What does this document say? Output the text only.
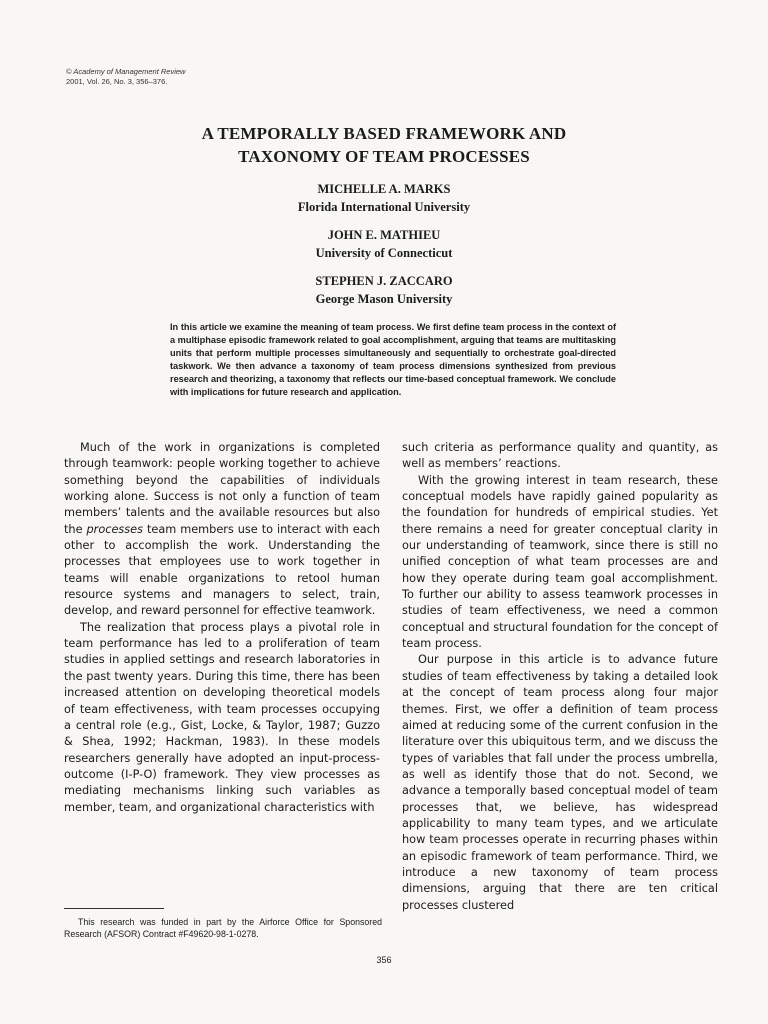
© Academy of Management Review
2001, Vol. 26, No. 3, 356–376.
A TEMPORALLY BASED FRAMEWORK AND
TAXONOMY OF TEAM PROCESSES
MICHELLE A. MARKS
Florida International University
JOHN E. MATHIEU
University of Connecticut
STEPHEN J. ZACCARO
George Mason University
In this article we examine the meaning of team process. We first define team process in the context of a multiphase episodic framework related to goal accomplishment, arguing that teams are multitasking units that perform multiple processes simultaneously and sequentially to orchestrate goal-directed taskwork. We then advance a taxonomy of team process dimensions synthesized from previous research and theorizing, a taxonomy that reflects our time-based conceptual framework. We conclude with implications for future research and application.

Much of the work in organizations is completed through teamwork: people working together to achieve something beyond the capabilities of individuals working alone. Success is not only a function of team members’ talents and the available resources but also the processes team members use to interact with each other to accomplish the work. Understanding the processes that employees use to work together in teams will enable organizations to retool human resource systems and managers to select, train, develop, and reward personnel for effective teamwork.

The realization that process plays a pivotal role in team performance has led to a proliferation of team studies in applied settings and research laboratories in the past twenty years. During this time, there has been increased attention on developing theoretical models of team effectiveness, with team processes occupying a central role (e.g., Gist, Locke, & Taylor, 1987; Guzzo & Shea, 1992; Hackman, 1983). In these models researchers generally have adopted an input-process-outcome (I-P-O) framework. They view processes as mediating mechanisms linking such variables as member, team, and organizational characteristics with

such criteria as performance quality and quantity, as well as members’ reactions.

With the growing interest in team research, these conceptual models have rapidly gained popularity as the foundation for hundreds of empirical studies. Yet there remains a need for greater conceptual clarity in our understanding of teamwork, since there is still no unified conception of what team processes are and how they operate during team goal accomplishment. To further our ability to assess teamwork processes in studies of team effectiveness, we need a common conceptual and structural foundation for the concept of team process.

Our purpose in this article is to advance future studies of team effectiveness by taking a detailed look at the concept of team process along four major themes. First, we offer a definition of team process aimed at reducing some of the current confusion in the literature over this ubiquitous term, and we discuss the types of variables that fall under the process umbrella, as well as identify those that do not. Second, we advance a temporally based conceptual model of team processes that, we believe, has widespread applicability to many team types, and we articulate how team processes operate in recurring phases within an episodic framework of team performance. Third, we introduce a new taxonomy of team process dimensions, arguing that there are ten critical processes clustered

This research was funded in part by the Airforce Office for Sponsored Research (AFSOR) Contract #F49620-98-1-0278.
356
